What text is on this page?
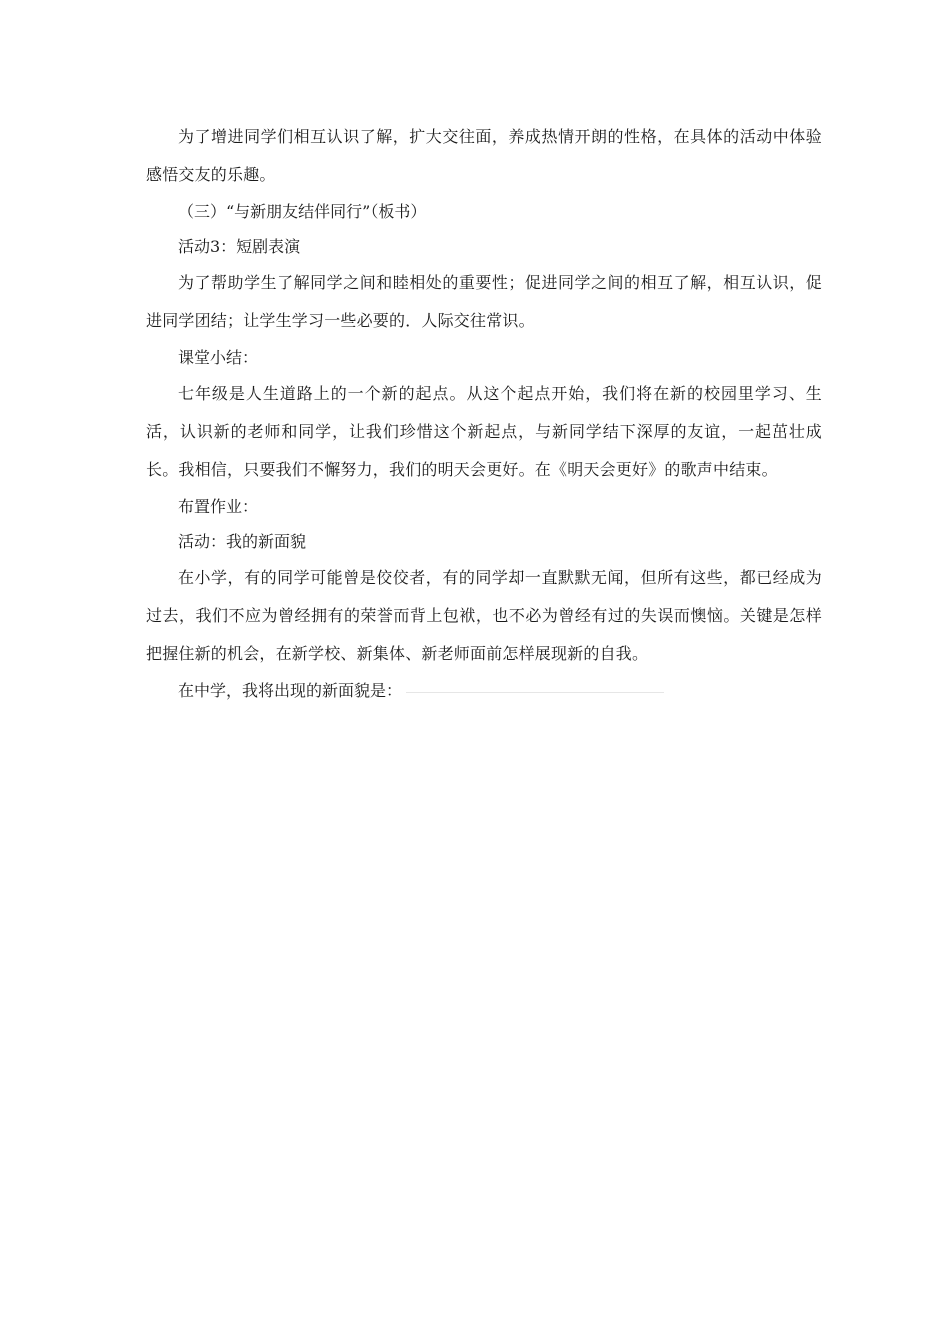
为了增进同学们相互认识了解，扩大交往面，养成热情开朗的性格，在具体的活动中体验感悟交友的乐趣。

（三）“与新朋友结伴同行”（板书）

活动3：短剧表演

为了帮助学生了解同学之间和睦相处的重要性；促进同学之间的相互了解，相互认识，促进同学团结；让学生学习一些必要的．人际交往常识。

课堂小结：

七年级是人生道路上的一个新的起点。从这个起点开始，我们将在新的校园里学习、生活，认识新的老师和同学，让我们珍惜这个新起点，与新同学结下深厚的友谊，一起茁壮成长。我相信，只要我们不懈努力，我们的明天会更好。在《明天会更好》的歌声中结束。

布置作业：

活动：我的新面貌

在小学，有的同学可能曾是佼佼者，有的同学却一直默默无闻，但所有这些，都已经成为过去，我们不应为曾经拥有的荣誉而背上包袱，也不必为曾经有过的失误而懊恼。关键是怎样把握住新的机会，在新学校、新集体、新老师面前怎样展现新的自我。

在中学，我将出现的新面貌是：
